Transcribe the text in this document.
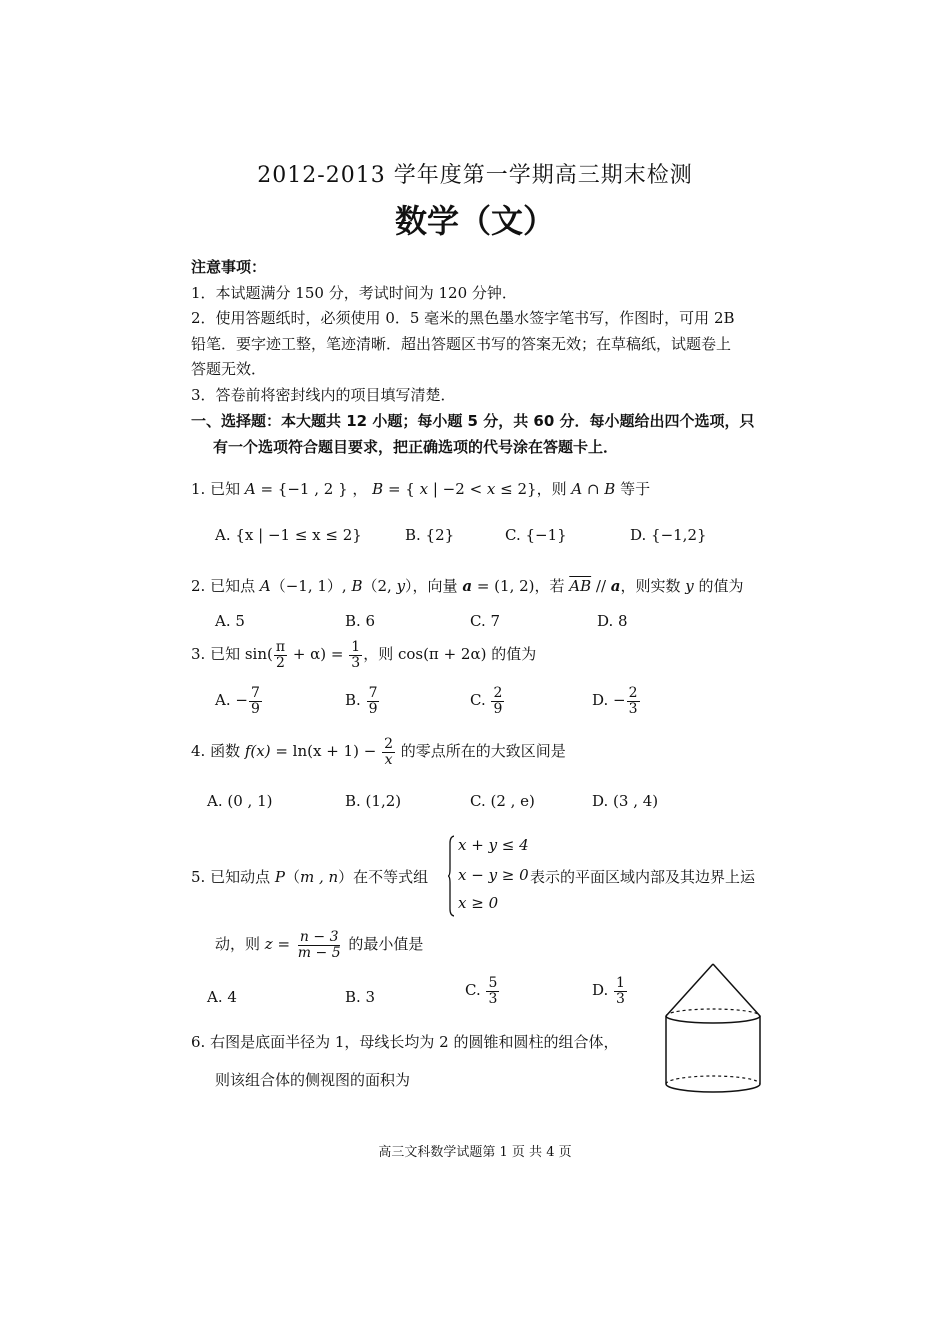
2012-2013 学年度第一学期高三期末检测
数学（文）
注意事项：
1．本试题满分 150 分，考试时间为 120 分钟．
2．使用答题纸时，必须使用 0．5 毫米的黑色墨水签字笔书写，作图时，可用 2B
铅笔．要字迹工整，笔迹清晰．超出答题区书写的答案无效；在草稿纸，试题卷上
答题无效．
3．答卷前将密封线内的项目填写清楚．
一、选择题：本大题共 12 小题；每小题 5 分，共 60 分．每小题给出四个选项，只
有一个选项符合题目要求，把正确选项的代号涂在答题卡上．
1. 已知 A = {−1 , 2 } ， B = { x | −2 < x ≤ 2}，则 A ∩ B 等于
A. {x | −1 ≤ x ≤ 2}	B. {2}	C. {−1}	D. {−1,2}
2. 已知点 A（−1, 1）, B（2, y），向量 a = (1, 2)，若 $\overline{AB}$ // a，则实数 y 的值为
A. 5	B. 6	C. 7	D. 8
3. 已知 $\sin( \frac{\pi}{2} + \alpha) = \frac{1}{3}$ ，则 cos(π + 2α) 的值为
A. − $\frac{7}{9}$	B. $\frac{7}{9}$	C. $\frac{2}{9}$	D. − $\frac{2}{3}$
4. 函数 $f(x) = \ln(x + 1) - \frac{2}{x}$ 的零点所在的大致区间是
A. (0 , 1)	B. (1,2)	C. (2 , e)	D. (3 , 4)
x + y ≤ 4
x − y ≥ 0
x ≥ 0
5. 已知动点 P（m , n）在不等式组	表示的平面区域内部及其边界上运
动，则 $z = \frac{n - 3}{m - 5}$ 的最小值是
A. 4	B. 3	C. $\frac{5}{3}$	D. $\frac{1}{3}$
6. 右图是底面半径为 1，母线长均为 2 的圆锥和圆柱的组合体，
则该组合体的侧视图的面积为
高三文科数学试题第 1 页 共 4 页
